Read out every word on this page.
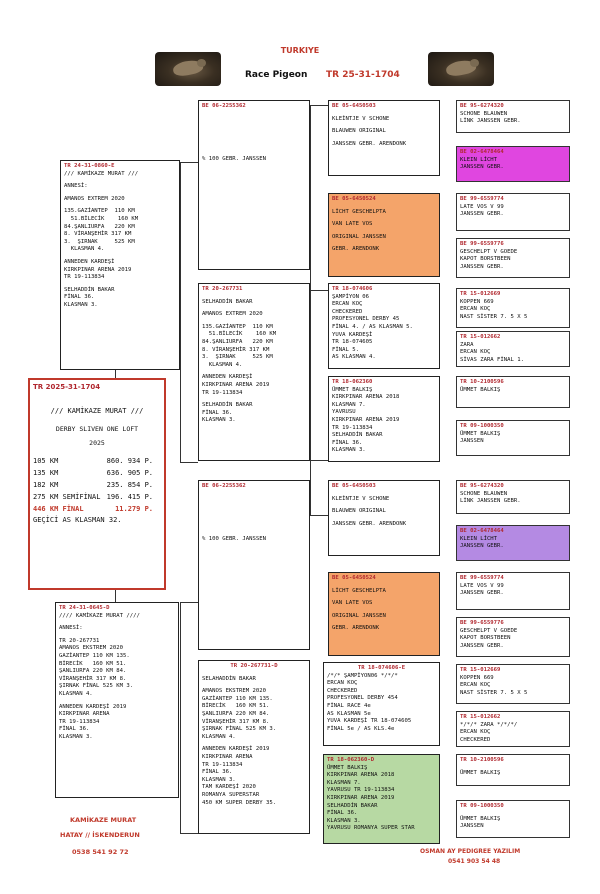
TURKIYE
Race Pigeon TR 25-31-1704
TR 2025-31-1704
/// KAMİKAZE MURAT ///
DERBY SLIVEN ONE LOFT
2025
105 KM	860. 934 P.
135 KM	636. 905 P.
182 KM	235. 854 P.
275 KM SEMİFİNAL 196. 415 P.
446 KM FİNAL	11.279 P.
GEÇİCİ AS KLASMAN 32.
TR 24-31-0860-E
/// KAMİKAZE MURAT ///
ANNESİ:
AMANOS EXTREM 2020
135.GAZİANTEP  110 KM
51.BİLECİK    160 KM
84.ŞANLIURFA   220 KM
8. VİRANŞEHİR 317 KM
3.  ŞIRNAK     525 KM
KLASMAN 4.
ANNEDEN KARDEŞİ
KIRKPINAR ARENA 2019
TR 19-113834
SELHADDİN BAKAR
FİNAL 36.
KLASMAN 3.
TR 24-31-0645-D
//// KAMİKAZE MURAT ////
ANNESİ:
TR 20-267731
AMANOS EKSTREM 2020
GAZİANTEP 110 KM 135.
BİRECİK   160 KM 51.
ŞANLIURFA 220 KM 84.
VİRANŞEHİR 317 KM 8.
ŞIRNAK FİNAL 525 KM 3.
KLASMAN 4.
ANNEDEN KARDEŞİ 2019
KIRKPINAR ARENA
TR 19-113834
FİNAL 36.
KLASMAN 3.
KAMİKAZE MURAT
HATAY // İSKENDERUN
0538 541 92 72	OSMAN AY PEDIGREE YAZILIM
0541 903 54 48
BE 06-2255362
% 100 GEBR. JANSSEN
TR 20-267731
SELHADDİN BAKAR
AMANOS EXTREM 2020
135.GAZİANTEP  110 KM
51.BİLECİK    160 KM
84.ŞANLIURFA   220 KM
8. VİRANŞEHİR 317 KM
3.  ŞIRNAK     525 KM
KLASMAN 4.
ANNEDEN KARDEŞİ
KIRKPINAR ARENA 2019
TR 19-113834
SELHADDİN BAKAR
FİNAL 36.
KLASMAN 3.
BE 06-2255362
% 100 GEBR. JANSSEN
TR 20-267731-D
SELAHADDİN BAKAR
AMANOS EKSTREM 2020
GAZİANTEP 110 KM 135.
BİRECİK   160 KM 51.
ŞANLIURFA 220 KM 84.
VİRANŞEHİR 317 KM 8.
ŞIRNAK FİNAL 525 KM 3.
KLASMAN 4.
ANNEDEN KARDEŞİ 2019
KIRKPINAR ARENA
TR 19-113834
FİNAL 36.
KLASMAN 3.
TAM KARDEŞİ 2020
ROMANYA SUPERSTAR
450 KM SUPER DERBY 35.
BE 05-6450503
KLEİNTJE V SCHONE
BLAUWEN ORIGINAL
JANSSEN GEBR. ARENDONK
BE 05-6450524
LİCHT GESCHELPTA
VAN LATE VOS
ORIGINAL JANSSEN
GEBR. ARENDONK
TR 18-074606
ŞAMPİYON 06
ERCAN KOÇ
CHECKERED
PROFESYONEL DERBY 45
FİNAL 4. / AS KLASMAN 5.
YUVA KARDEŞİ
TR 18-074605
FİNAL 5.
AS KLASMAN 4.
TR 18-062360
ÜMMET BALKIŞ
KIRKPINAR ARENA 2018
KLASMAN 7.
YAVRUSU
KIRKPINAR ARENA 2019
TR 19-113834
SELHADDİN BAKAR
FİNAL 36.
KLASMAN 3.
BE 05-6450503
KLEİNTJE V SCHONE
BLAUWEN ORIGINAL
JANSSEN GEBR. ARENDONK
BE 05-6450524
LİCHT GESCHELPTA
VAN LATE VOS
ORIGINAL JANSSEN
GEBR. ARENDONK
TR 18-074606-E
/*/* ŞAMPİYON06 */*/*
ERCAN KOÇ
CHECKERED
PROFESYONEL DERBY 454
FİNAL RACE 4e
AS KLASMAN 5e
YUVA KARDEŞİ TR 18-074605
FİNAL 5e / AS KLS.4e
TR 18-062360-D
ÜMMET BALKIŞ
KIRKPINAR ARENA 2018
KLASMAN 7.
YAVRUSU TR 19-113834
KIRKPINAR ARENA 2019
SELHADDİN BAKAR
FİNAL 36.
KLASMAN 3.
YAVRUSU ROMANYA SUPER STAR
BE 95-6274320
SCHONE BLAUWEN
LİNK JANSSEN GEBR.
BE 02-6478464
KLEIN LİCHT
JANSSEN GEBR.
BE 99-6559774
LATE VOS V 99
JANSSEN GEBR.
BE 99-6559776
GESCHELPT V GOEDE
KAPOT BORSTBEEN
JANSSEN GEBR.
TR 15-012669
KOPPEN 669
ERCAN KOÇ
NAST SİSTER 7. 5 X 5
TR 15-012662
ZARA
ERCAN KOÇ
SİVAS ZARA FİNAL 1.
TR 10-2100596
ÜMMET BALKIŞ
TR 09-1000350
ÜMMET BALKIŞ
JANSSEN
BE 95-6274320
SCHONE BLAUWEN
LİNK JANSSEN GEBR.
BE 02-6478464
KLEIN LİCHT
JANSSEN GEBR.
BE 99-6559774
LATE VOS V 99
JANSSEN GEBR.
BE 99-6559776
GESCHELPT V GOEDE
KAPOT BORSTBEEN
JANSSEN GEBR.
TR 15-012669
KOPPEN 669
ERCAN KOÇ
NAST SİSTER 7. 5 X 5
TR 15-012662
*/*/* ZARA */*/*/
ERCAN KOÇ
CHECKERED
TR 10-2100596
ÜMMET BALKIŞ
TR 09-1000350
ÜMMET BALKIŞ
JANSSEN
